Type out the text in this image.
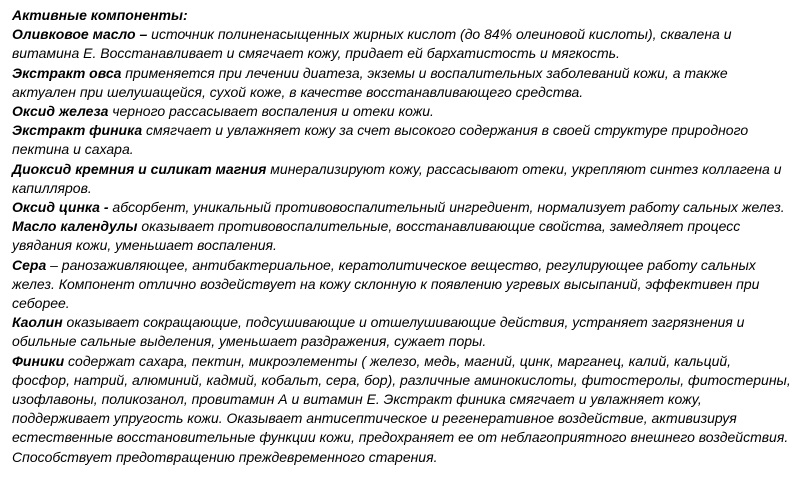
Активные компоненты:

Оливковое масло – источник полиненасыщенных жирных кислот (до 84% олеиновой кислоты), сквалена и витамина Е. Восстанавливает и смягчает кожу, придает ей бархатистость и мягкость.

Экстракт овса применяется при лечении диатеза, экземы и воспалительных заболеваний кожи, а также актуален при шелушащейся, сухой коже, в качестве восстанавливающего средства.

Оксид железа черного рассасывает воспаления и отеки кожи.

Экстракт финика смягчает и увлажняет кожу за счет высокого содержания в своей структуре природного пектина и сахара.

Диоксид кремния и силикат магния минерализируют кожу, рассасывают отеки, укрепляют синтез коллагена и капилляров.

Оксид цинка - абсорбент, уникальный противовоспалительный ингредиент, нормализует работу сальных желез.

Масло календулы оказывает противовоспалительные, восстанавливающие свойства, замедляет процесс увядания кожи, уменьшает воспаления.

Сера – ранозаживляющее, антибактериальное, кератолитическое вещество, регулирующее работу сальных желез. Компонент отлично воздействует на кожу склонную к появлению угревых высыпаний, эффективен при себорее.

Каолин оказывает сокращающие, подсушивающие и отшелушивающие действия, устраняет загрязнения и обильные сальные выделения, уменьшает раздражения, сужает поры.

Финики содержат сахара, пектин, микроэлементы ( железо, медь, магний, цинк, марганец, калий, кальций, фосфор, натрий, алюминий, кадмий, кобальт, сера, бор), различные аминокислоты, фитостеролы, фитостерины, изофлавоны, поликозанол, провитамин А и витамин Е. Экстракт финика смягчает и увлажняет кожу, поддерживает упругость кожи. Оказывает антисептическое и регенеративное воздействие, активизируя естественные восстановительные функции кожи, предохраняет ее от неблагоприятного внешнего воздействия. Способствует предотвращению преждевременного старения.
